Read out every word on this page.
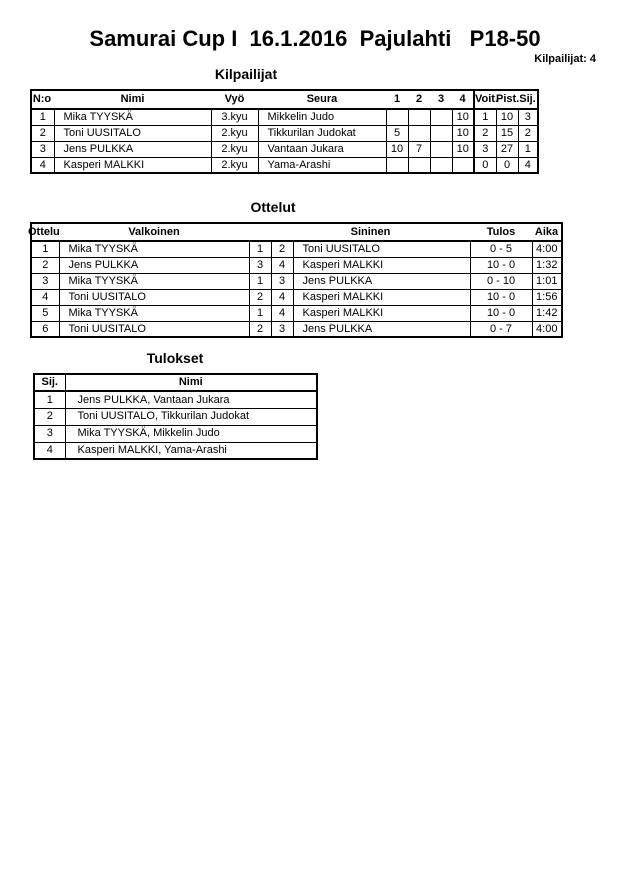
Samurai Cup I  16.1.2016  Pajulahti   P18-50
Kilpailijat: 4
Kilpailijat
N:o	Nimi	Vyö	Seura	1	2	3	4	Voit.	Pist.	Sij.
1	Mika TYYSKÄ	3.kyu	Mikkelin Judo				10	1	10	3
2	Toni UUSITALO	2.kyu	Tikkurilan Judokat	5			10	2	15	2
3	Jens PULKKA	2.kyu	Vantaan Jukara	10	7		10	3	27	1
4	Kasperi MALKKI	2.kyu	Yama-Arashi					0	0	4
Ottelut
Ottelu	Valkoinen		Sininen		Tulos	Aika
1	Mika TYYSKÄ	1	2	Toni UUSITALO	0 - 5	4:00
2	Jens PULKKA	3	4	Kasperi MALKKI	10 - 0	1:32
3	Mika TYYSKÄ	1	3	Jens PULKKA	0 - 10	1:01
4	Toni UUSITALO	2	4	Kasperi MALKKI	10 - 0	1:56
5	Mika TYYSKÄ	1	4	Kasperi MALKKI	10 - 0	1:42
6	Toni UUSITALO	2	3	Jens PULKKA	0 - 7	4:00
Tulokset
Sij.	Nimi
1	Jens PULKKA, Vantaan Jukara
2	Toni UUSITALO, Tikkurilan Judokat
3	Mika TYYSKÄ, Mikkelin Judo
4	Kasperi MALKKI, Yama-Arashi
